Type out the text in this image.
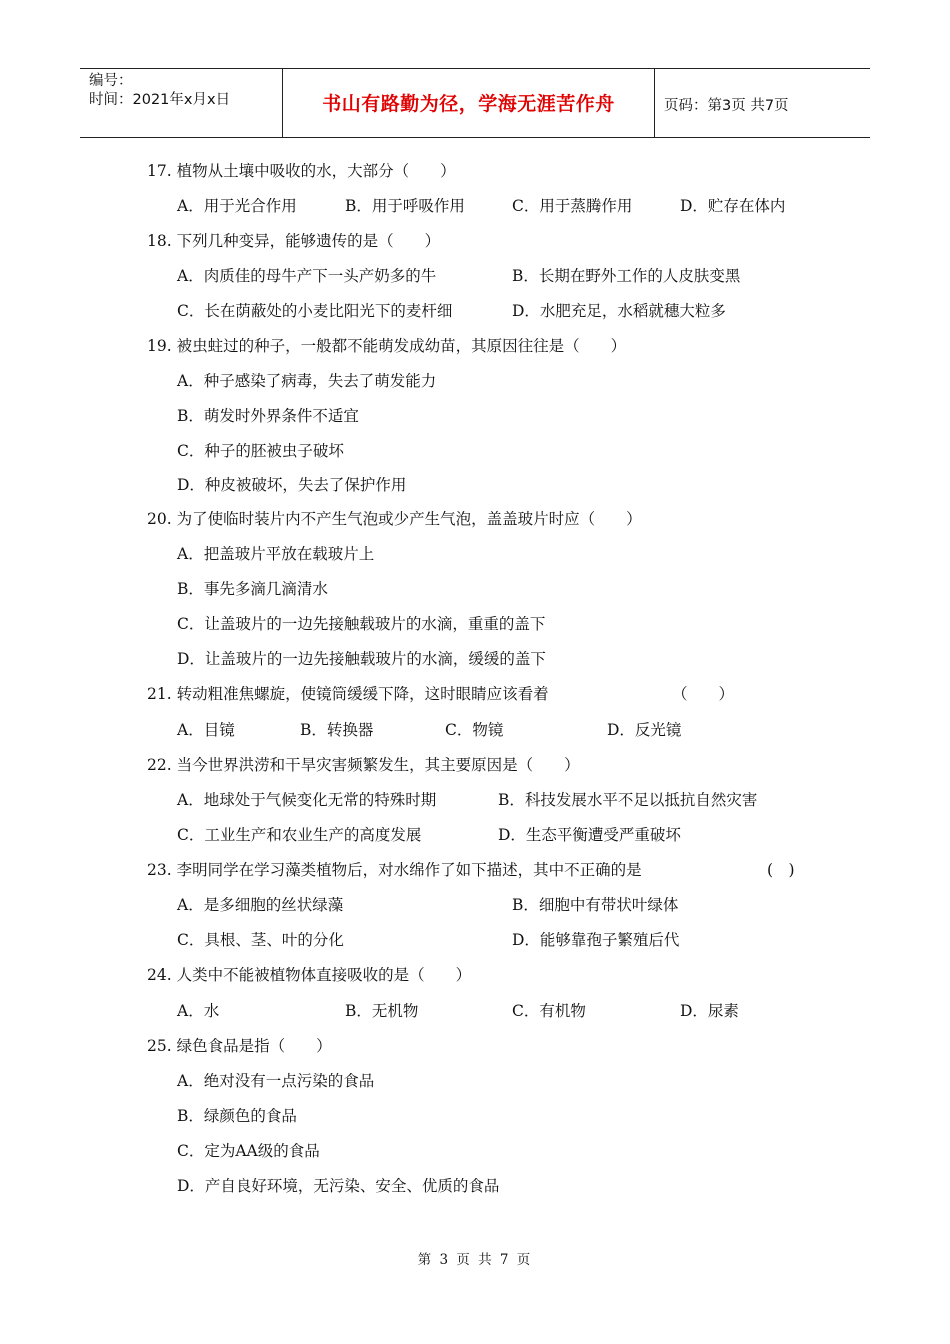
编号：
时间：2021年x月x日	书山有路勤为径，学海无涯苦作舟	页码：第3页 共7页
17. 植物从土壤中吸收的水，大部分（　　）
A．用于光合作用	B．用于呼吸作用	C．用于蒸腾作用	D．贮存在体内
18. 下列几种变异，能够遗传的是（　　）
A．肉质佳的母牛产下一头产奶多的牛	B．长期在野外工作的人皮肤变黑
C．长在荫蔽处的小麦比阳光下的麦杆细	D．水肥充足，水稻就穗大粒多
19. 被虫蛀过的种子，一般都不能萌发成幼苗，其原因往往是（　　）
A．种子感染了病毒，失去了萌发能力
B．萌发时外界条件不适宜
C．种子的胚被虫子破坏
D．种皮被破坏，失去了保护作用
20. 为了使临时装片内不产生气泡或少产生气泡，盖盖玻片时应（　　）
A．把盖玻片平放在载玻片上
B．事先多滴几滴清水
C．让盖玻片的一边先接触载玻片的水滴，重重的盖下
D．让盖玻片的一边先接触载玻片的水滴，缓缓的盖下
21. 转动粗准焦螺旋，使镜筒缓缓下降，这时眼睛应该看着	（　　）
A．目镜	B．转换器	C．物镜	D．反光镜
22. 当今世界洪涝和干旱灾害频繁发生，其主要原因是（　　）
A．地球处于气候变化无常的特殊时期	B．科技发展水平不足以抵抗自然灾害
C．工业生产和农业生产的高度发展	D．生态平衡遭受严重破坏
23. 李明同学在学习藻类植物后，对水绵作了如下描述，其中不正确的是	(　)
A．是多细胞的丝状绿藻	B．细胞中有带状叶绿体
C．具根、茎、叶的分化	D．能够靠孢子繁殖后代
24. 人类中不能被植物体直接吸收的是（　　）
A．水	B．无机物	C．有机物	D．尿素
25. 绿色食品是指（　　）
A．绝对没有一点污染的食品
B．绿颜色的食品
C．定为AA级的食品
D．产自良好环境，无污染、安全、优质的食品
第 3 页 共 7 页
